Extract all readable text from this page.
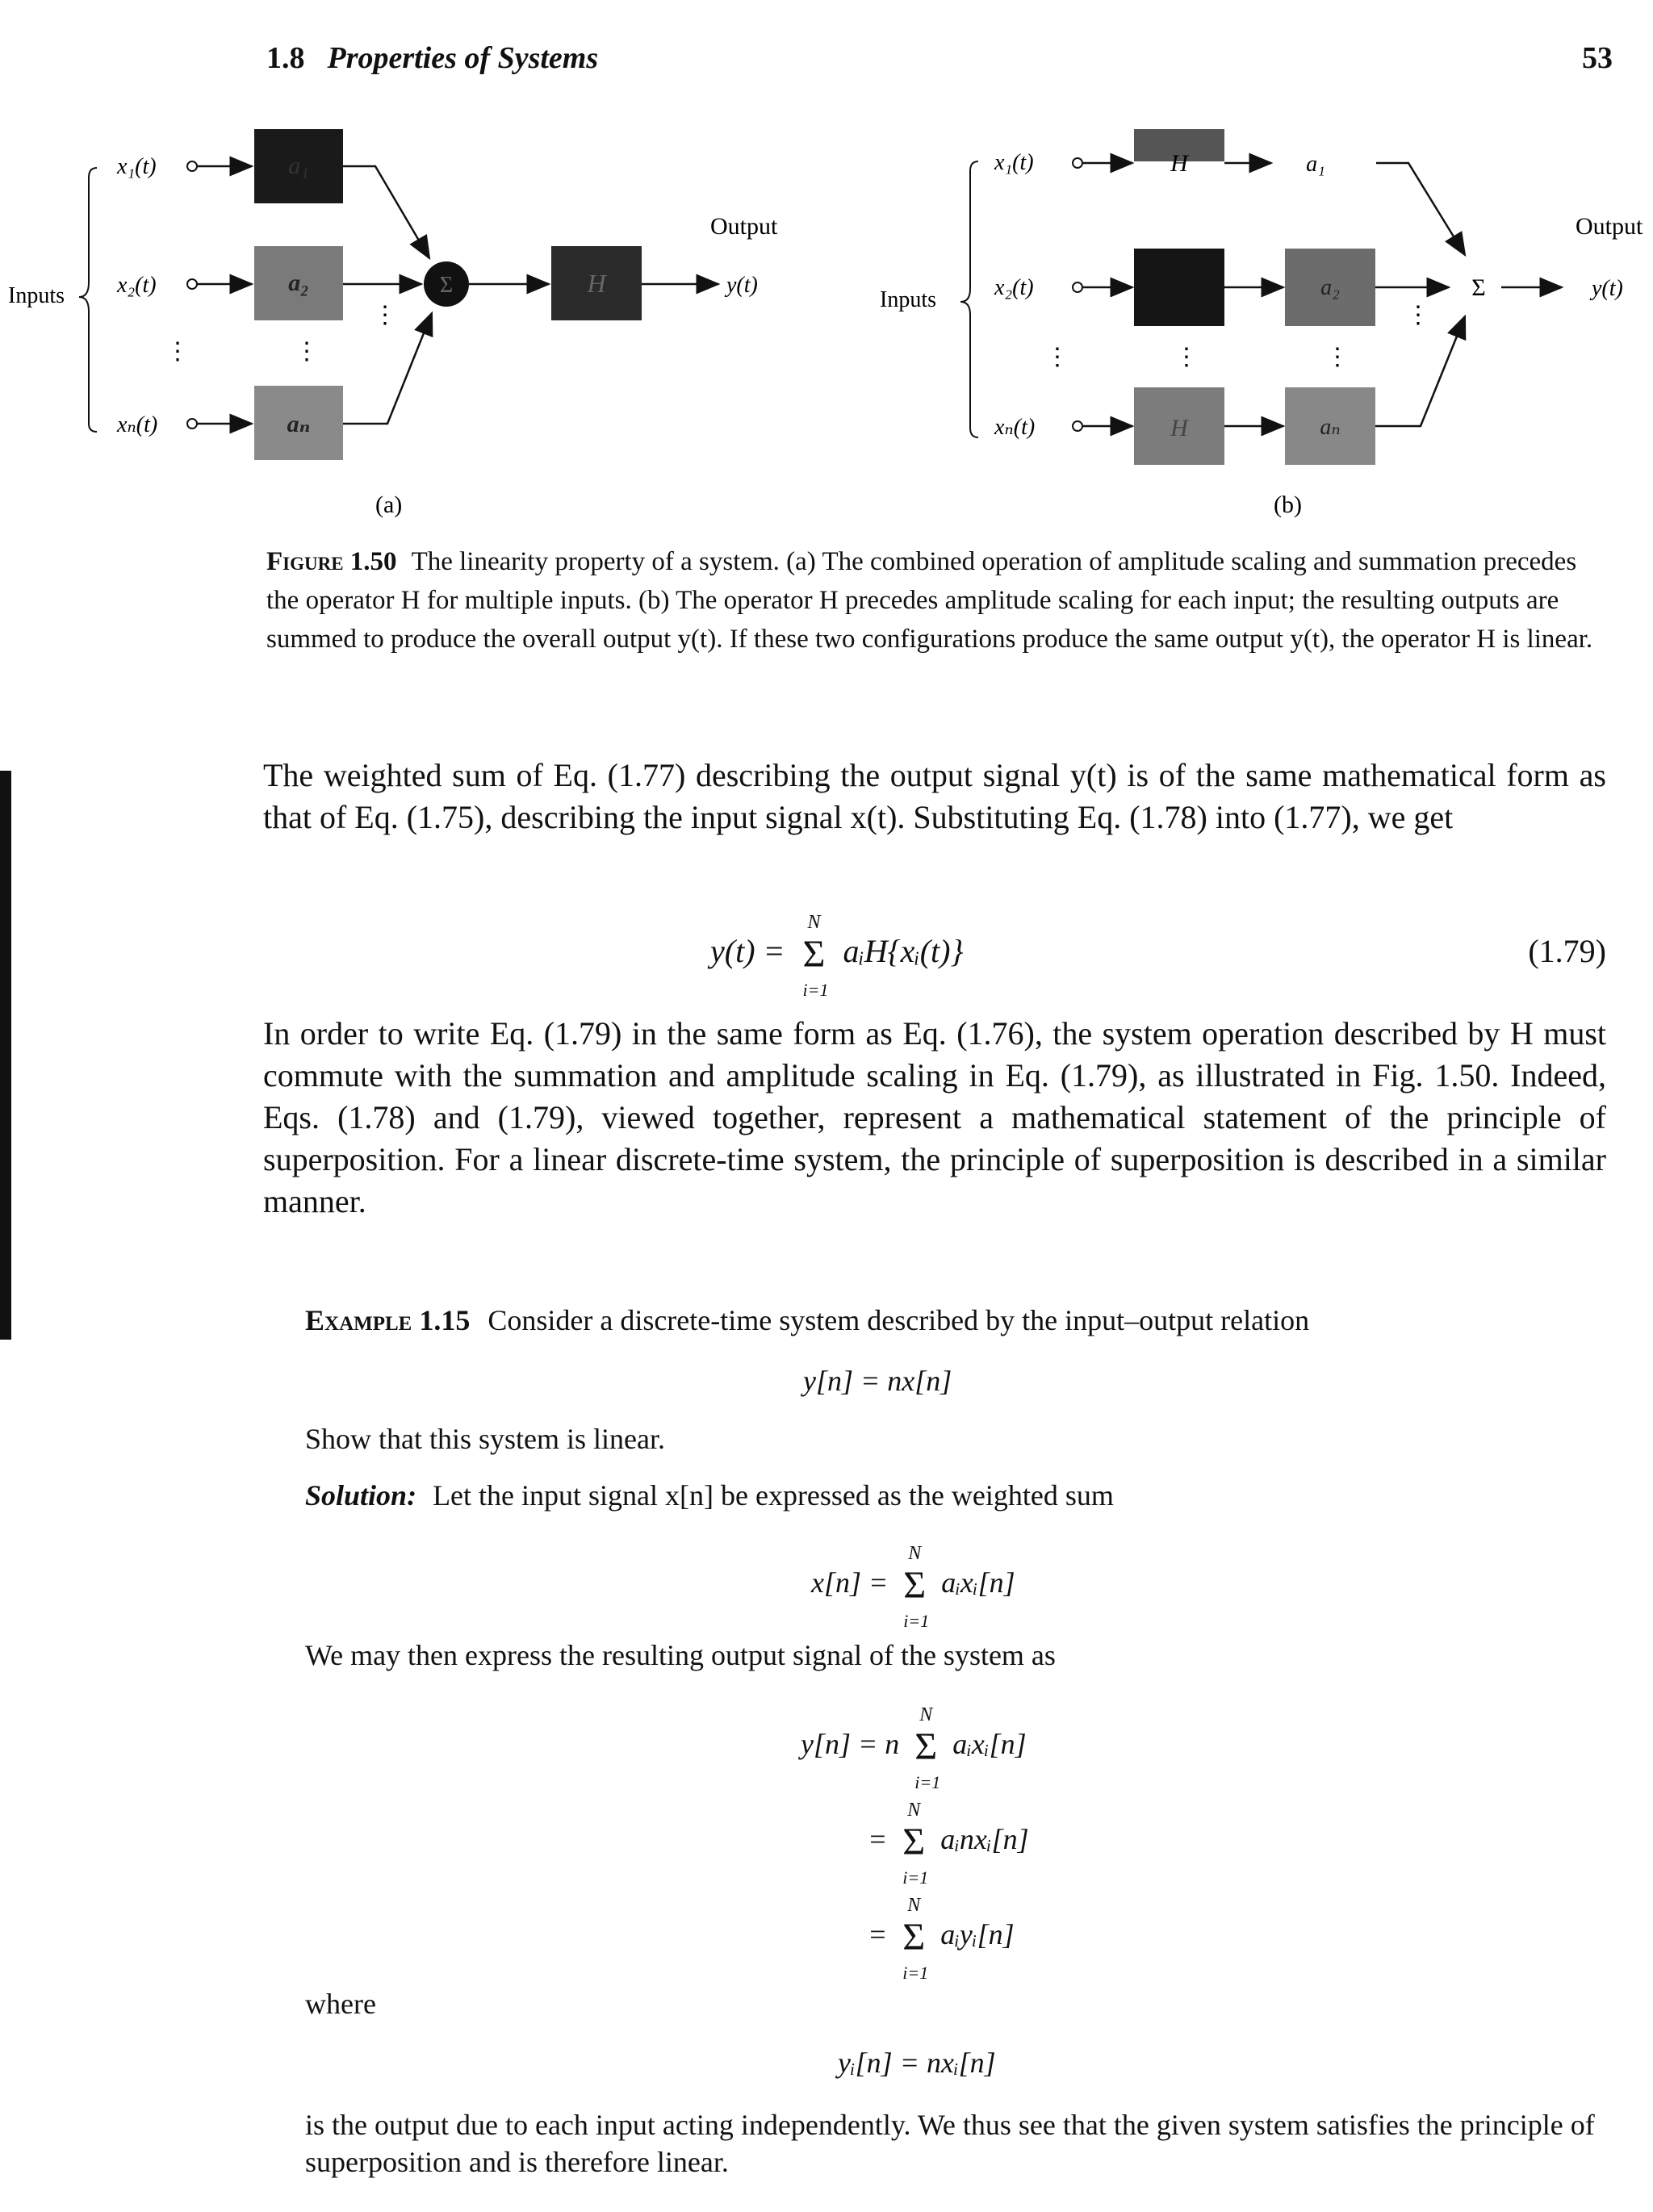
1.8 Properties of Systems	53
Inputs
x₁(t)
x₂(t)
xₙ(t)
⋮	⋮
⋮
a₁
a₂
aₙ
Σ	H
Output
y(t)
(a)
Inputs
x₁(t)
x₂(t)
xₙ(t)
⋮	⋮	⋮
⋮
H
H
a₁
a₂
aₙ
Σ
Output
y(t)
(b)
Figure 1.50 The linearity property of a system. (a) The combined operation of amplitude scaling and summation precedes the operator H for multiple inputs. (b) The operator H precedes amplitude scaling for each input; the resulting outputs are summed to produce the overall output y(t). If these two configurations produce the same output y(t), the operator H is linear.
The weighted sum of Eq. (1.77) describing the output signal y(t) is of the same mathematical form as that of Eq. (1.75), describing the input signal x(t). Substituting Eq. (1.78) into (1.77), we get
y(t) = Σ
N
i=1
aᵢH{xᵢ(t)}	(1.79)
In order to write Eq. (1.79) in the same form as Eq. (1.76), the system operation described by H must commute with the summation and amplitude scaling in Eq. (1.79), as illustrated in Fig. 1.50. Indeed, Eqs. (1.78) and (1.79), viewed together, represent a mathematical statement of the principle of superposition. For a linear discrete-time system, the principle of superposition is described in a similar manner.
Example 1.15 Consider a discrete-time system described by the input–output relation
y[n] = nx[n]
Show that this system is linear.
Solution: Let the input signal x[n] be expressed as the weighted sum
x[n] = Σ
N
i=1
aᵢxᵢ[n]
We may then express the resulting output signal of the system as
y[n] = n Σ
N
i=1
aᵢxᵢ[n]
= Σ
N
i=1
aᵢnxᵢ[n]
= Σ
N
i=1
aᵢyᵢ[n]
where
yᵢ[n] = nxᵢ[n]
is the output due to each input acting independently. We thus see that the given system satisfies the principle of superposition and is therefore linear.
